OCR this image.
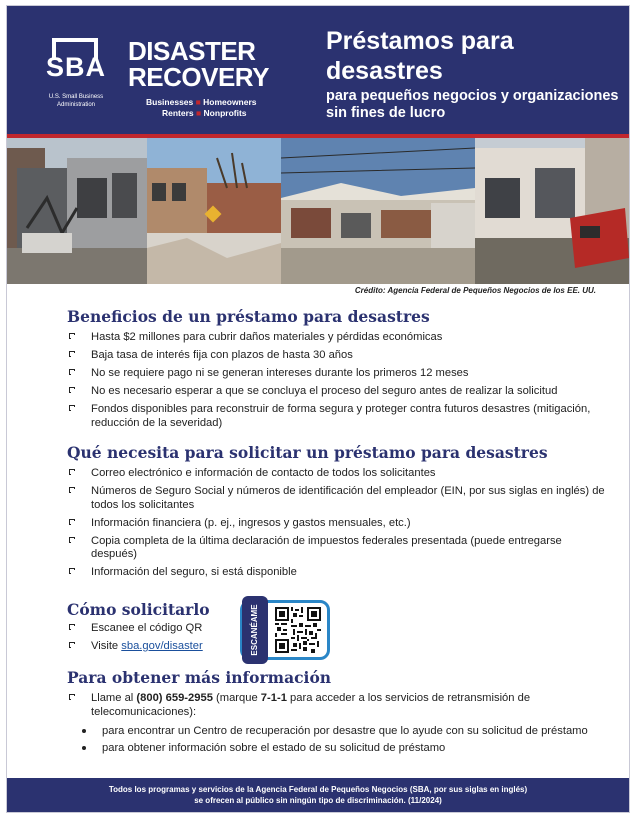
SBA
U.S. Small Business Administration
DISASTER
RECOVERY
Businesses ■ Homeowners
Renters ■ Nonprofits
Préstamos para desastres
para pequeños negocios y organizaciones sin fines de lucro
Crédito: Agencia Federal de Pequeños Negocios de los EE. UU.
Beneficios de un préstamo para desastres
Hasta $2 millones para cubrir daños materiales y pérdidas económicas
Baja tasa de interés fija con plazos de hasta 30 años
No se requiere pago ni se generan intereses durante los primeros 12 meses
No es necesario esperar a que se concluya el proceso del seguro antes de realizar la solicitud
Fondos disponibles para reconstruir de forma segura y proteger contra futuros desastres (mitigación, reducción de la severidad)
Qué necesita para solicitar un préstamo para desastres
Correo electrónico e información de contacto de todos los solicitantes
Números de Seguro Social y números de identificación del empleador (EIN, por sus siglas en inglés) de todos los solicitantes
Información financiera (p. ej., ingresos y gastos mensuales, etc.)
Copia completa de la última declaración de impuestos federales presentada (puede entregarse después)
Información del seguro, si está disponible
Cómo solicitarlo
Escanee el código QR
Visite sba.gov/disaster	ESCANÉAME
Para obtener más información
Llame al (800) 659-2955 (marque 7-1-1 para acceder a los servicios de retransmisión de telecomunicaciones):
para encontrar un Centro de recuperación por desastre que lo ayude con su solicitud de préstamo
para obtener información sobre el estado de su solicitud de préstamo
Todos los programas y servicios de la Agencia Federal de Pequeños Negocios (SBA, por sus siglas en inglés)
se ofrecen al público sin ningún tipo de discriminación. (11/2024)
